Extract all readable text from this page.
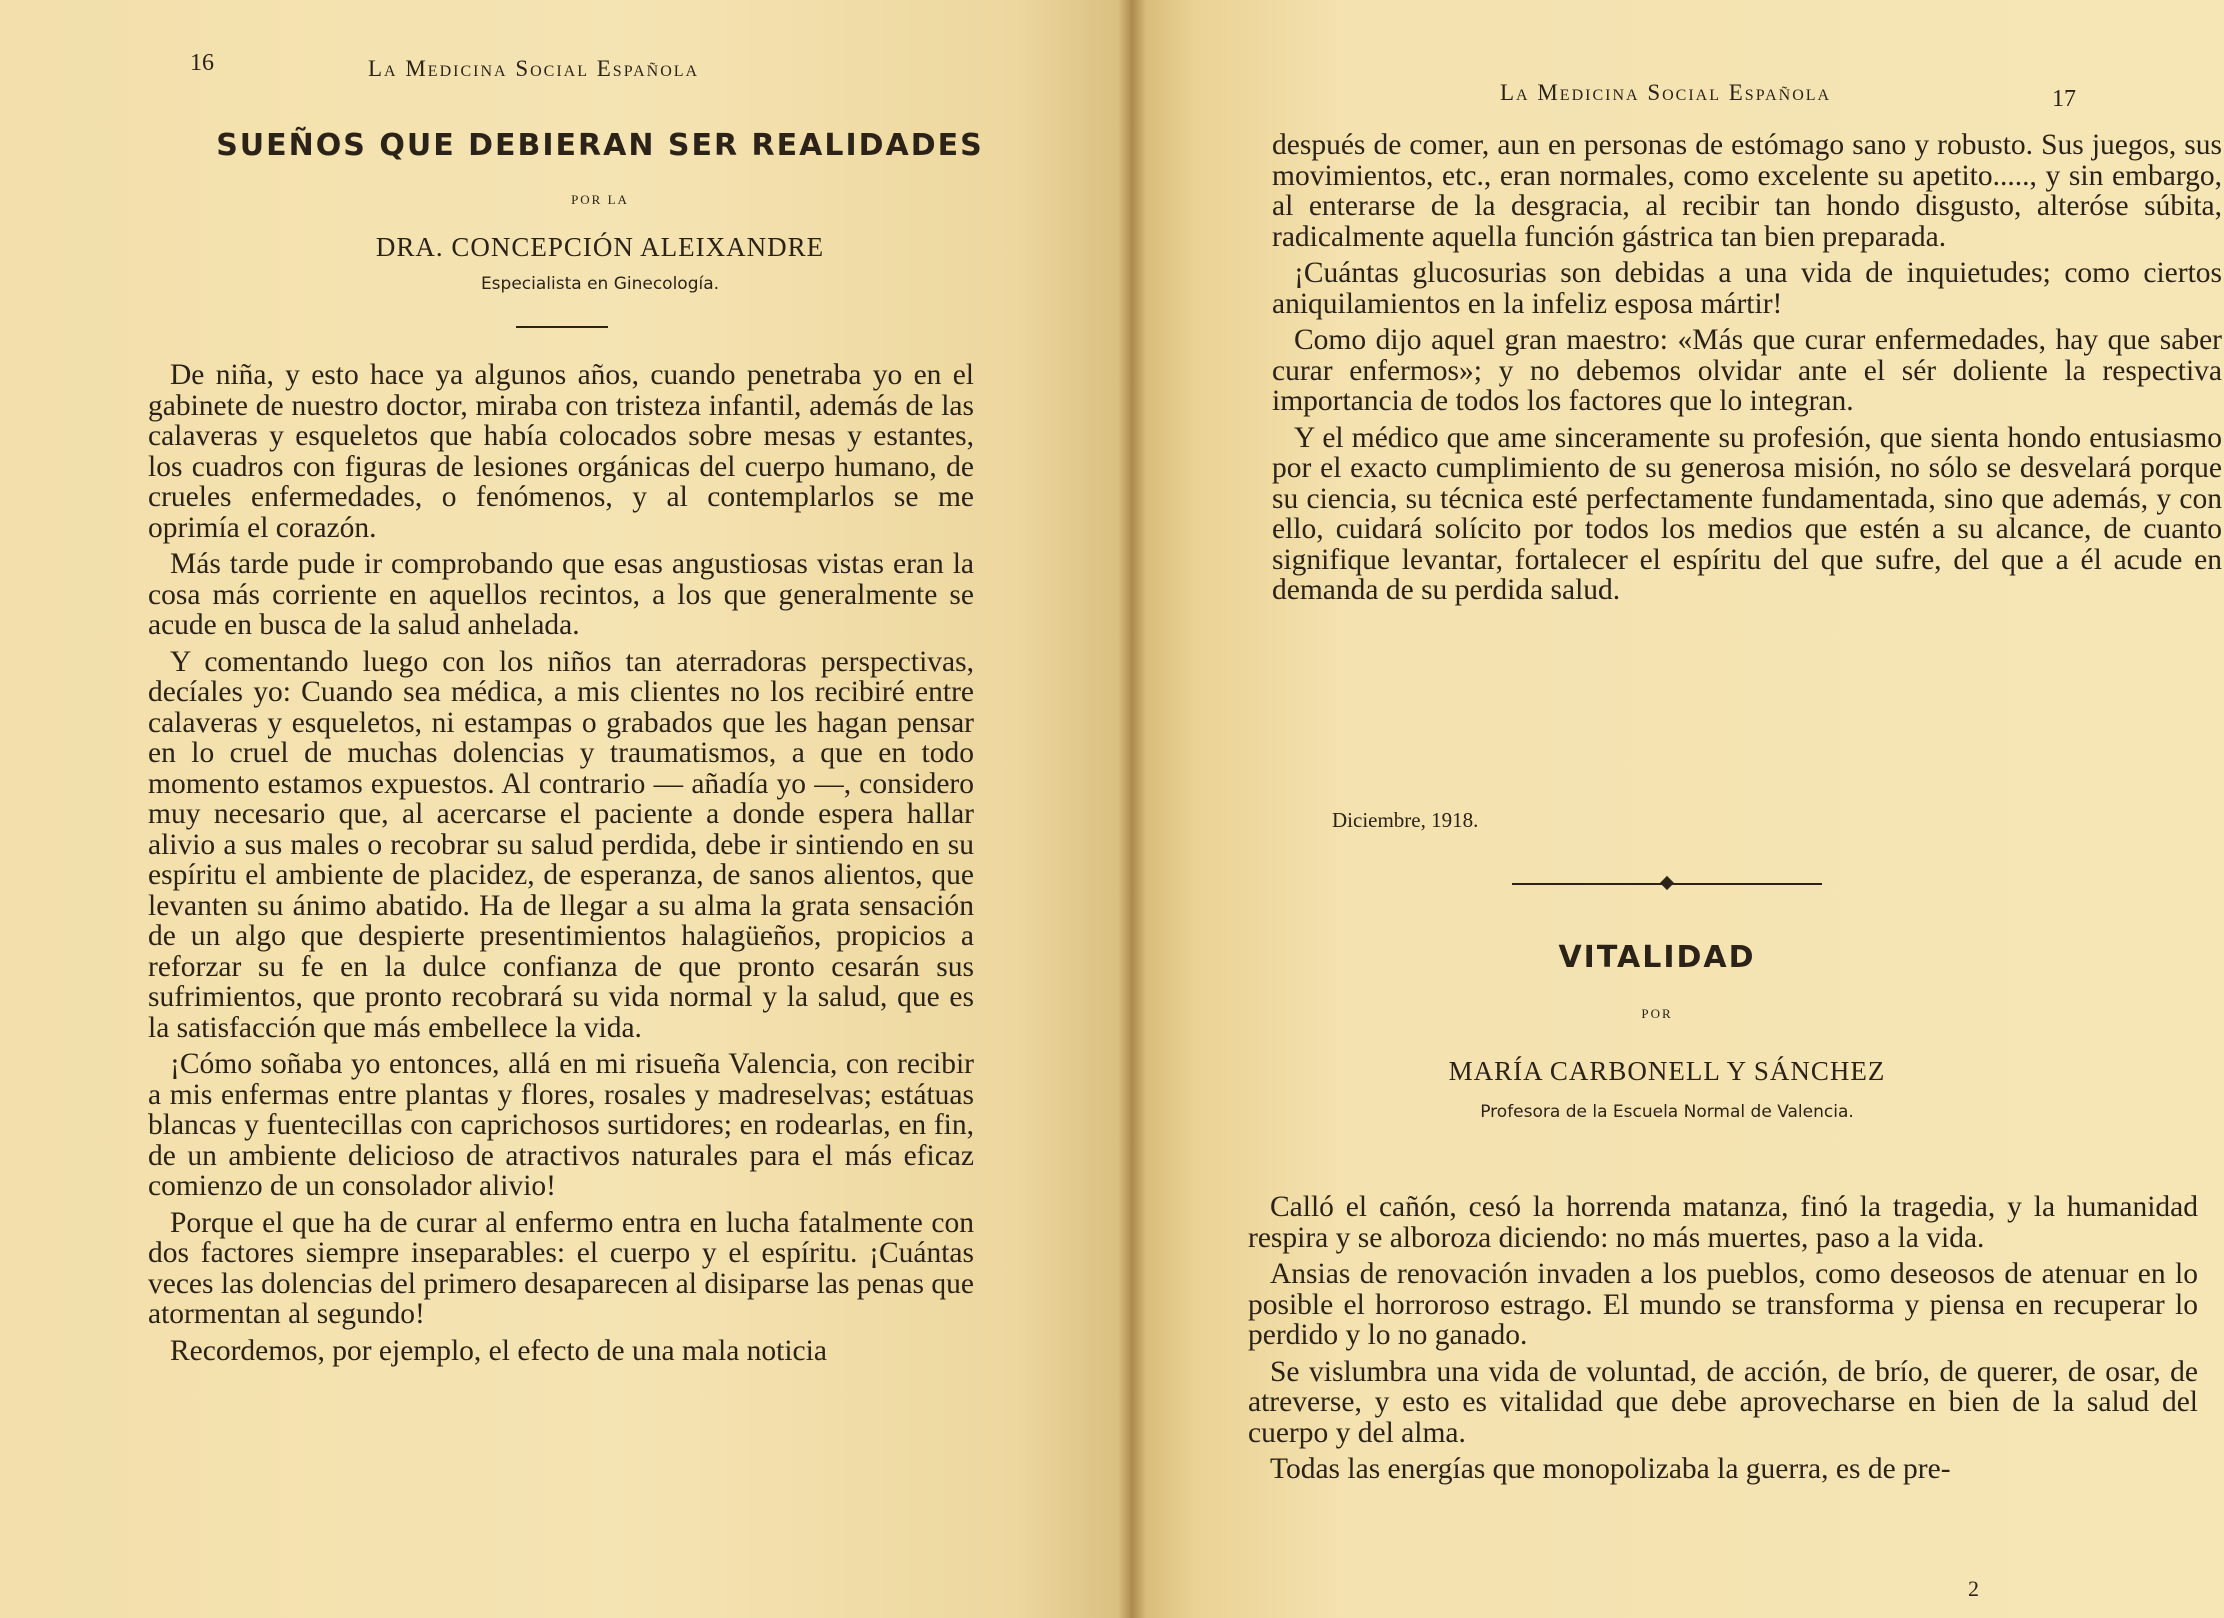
16	La Medicina Social Española
SUEÑOS QUE DEBIERAN SER REALIDADES
POR LA
DRA. CONCEPCIÓN ALEIXANDRE
Especialista en Ginecología.

De niña, y esto hace ya algunos años, cuando penetraba yo en el gabinete de nuestro doctor, miraba con tristeza infantil, además de las calaveras y esqueletos que había colocados sobre mesas y estantes, los cuadros con figuras de lesiones orgánicas del cuerpo humano, de crueles enfermedades, o fenómenos, y al contemplarlos se me oprimía el corazón.

Más tarde pude ir comprobando que esas angustiosas vistas eran la cosa más corriente en aquellos recintos, a los que generalmente se acude en busca de la salud anhelada.

Y comentando luego con los niños tan aterradoras perspectivas, decíales yo: Cuando sea médica, a mis clientes no los recibiré entre calaveras y esqueletos, ni estampas o grabados que les hagan pensar en lo cruel de muchas dolencias y traumatismos, a que en todo momento estamos expuestos. Al contrario — añadía yo —, considero muy necesario que, al acercarse el paciente a donde espera hallar alivio a sus males o recobrar su salud perdida, debe ir sintiendo en su espíritu el ambiente de placidez, de esperanza, de sanos alientos, que levanten su ánimo abatido. Ha de llegar a su alma la grata sensación de un algo que despierte presentimientos halagüeños, propicios a reforzar su fe en la dulce confianza de que pronto cesarán sus sufrimientos, que pronto recobrará su vida normal y la salud, que es la satisfacción que más embellece la vida.

¡Cómo soñaba yo entonces, allá en mi risueña Valencia, con recibir a mis enfermas entre plantas y flores, rosales y madreselvas; estátuas blancas y fuentecillas con caprichosos surtidores; en rodearlas, en fin, de un ambiente delicioso de atractivos naturales para el más eficaz comienzo de un consolador alivio!

Porque el que ha de curar al enfermo entra en lucha fatalmente con dos factores siempre inseparables: el cuerpo y el espíritu. ¡Cuántas veces las dolencias del primero desaparecen al disiparse las penas que atormentan al segundo!

Recordemos, por ejemplo, el efecto de una mala noticia

La Medicina Social Española	17

después de comer, aun en personas de estómago sano y robusto. Sus juegos, sus movimientos, etc., eran normales, como excelente su apetito....., y sin embargo, al enterarse de la desgracia, al recibir tan hondo disgusto, alteróse súbita, radicalmente aquella función gástrica tan bien preparada.

¡Cuántas glucosurias son debidas a una vida de inquietudes; como ciertos aniquilamientos en la infeliz esposa mártir!

Como dijo aquel gran maestro: «Más que curar enfermedades, hay que saber curar enfermos»; y no debemos olvidar ante el sér doliente la respectiva importancia de todos los factores que lo integran.

Y el médico que ame sinceramente su profesión, que sienta hondo entusiasmo por el exacto cumplimiento de su generosa misión, no sólo se desvelará porque su ciencia, su técnica esté perfectamente fundamentada, sino que además, y con ello, cuidará solícito por todos los medios que estén a su alcance, de cuanto signifique levantar, fortalecer el espíritu del que sufre, del que a él acude en demanda de su perdida salud.

Diciembre, 1918.
VITALIDAD
POR
MARÍA CARBONELL Y SÁNCHEZ
Profesora de la Escuela Normal de Valencia.

Calló el cañón, cesó la horrenda matanza, finó la tragedia, y la humanidad respira y se alboroza diciendo: no más muertes, paso a la vida.

Ansias de renovación invaden a los pueblos, como deseosos de atenuar en lo posible el horroroso estrago. El mundo se transforma y piensa en recuperar lo perdido y lo no ganado.

Se vislumbra una vida de voluntad, de acción, de brío, de querer, de osar, de atreverse, y esto es vitalidad que debe aprovecharse en bien de la salud del cuerpo y del alma.

Todas las energías que monopolizaba la guerra, es de pre-

2
